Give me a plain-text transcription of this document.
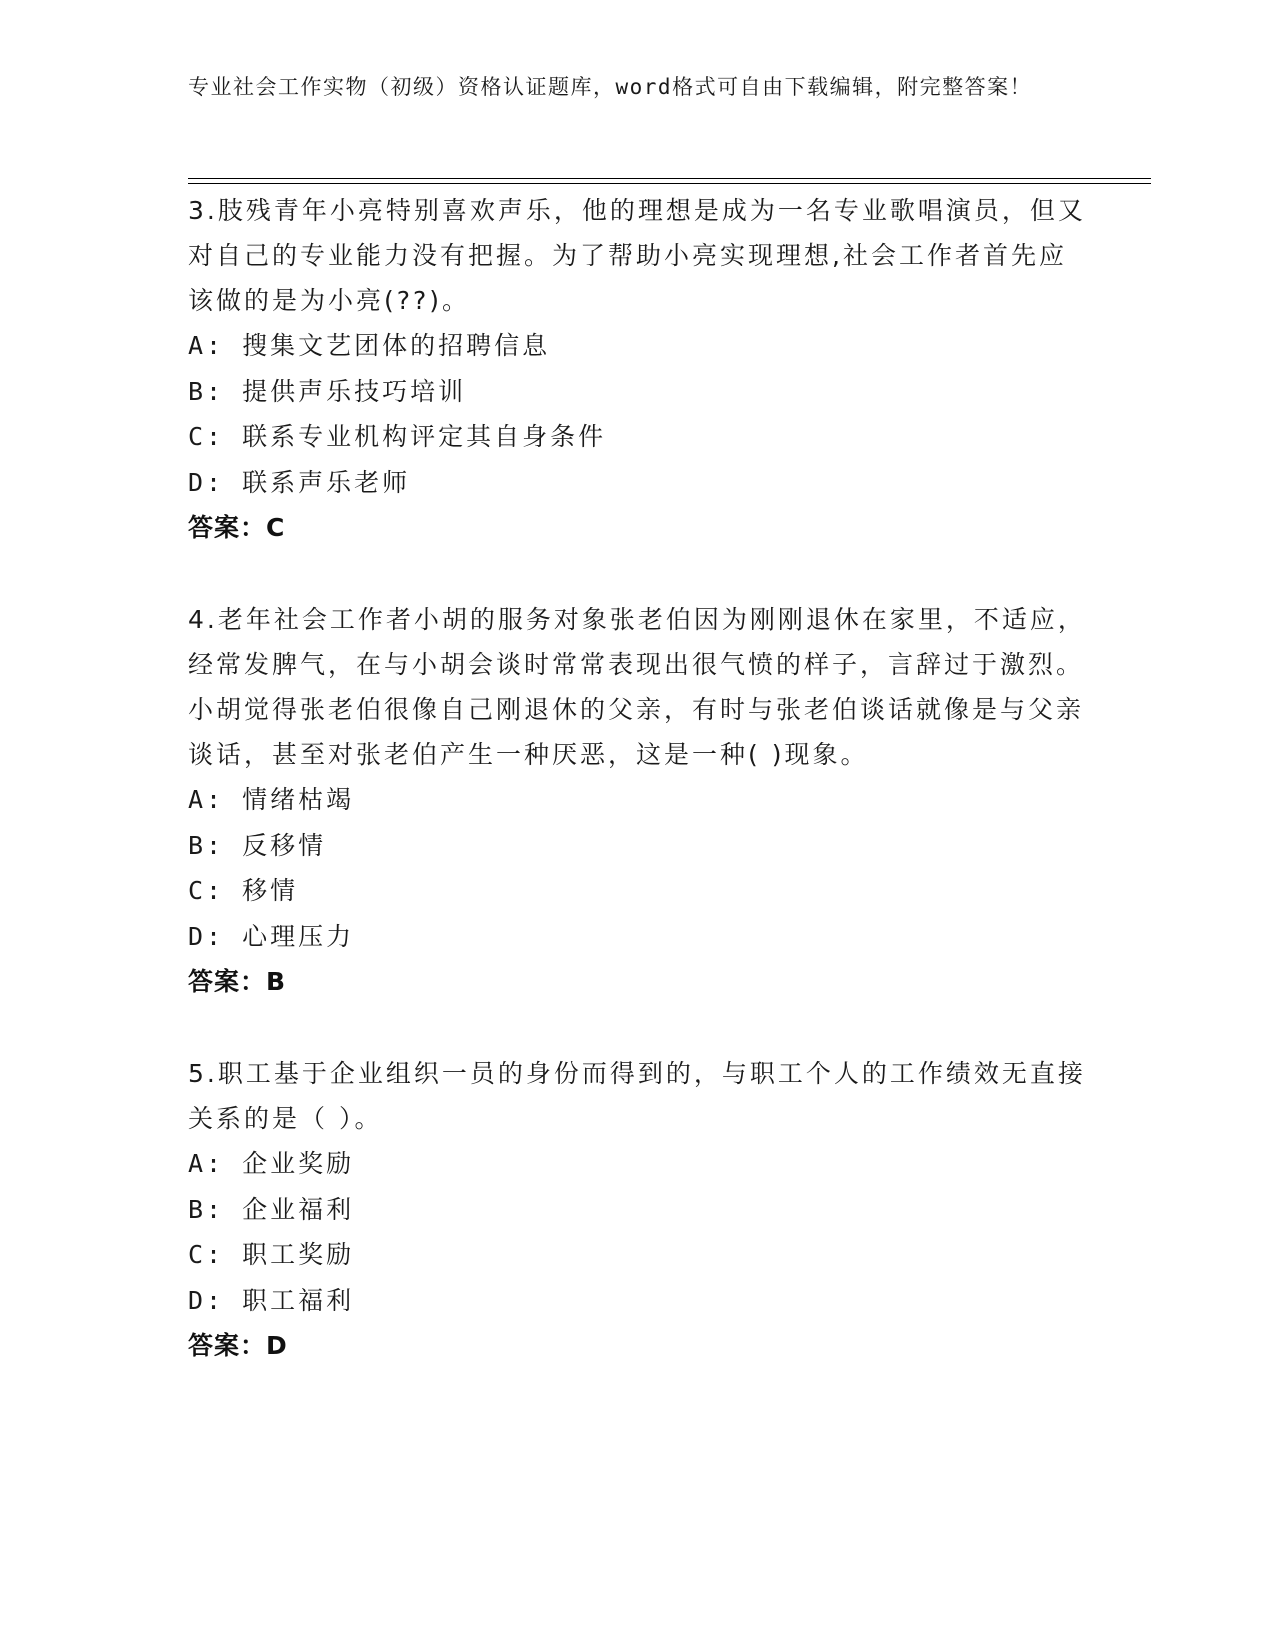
专业社会工作实物（初级）资格认证题库，word格式可自由下载编辑，附完整答案！
3.肢残青年小亮特别喜欢声乐，他的理想是成为一名专业歌唱演员，但又对自己的专业能力没有把握。为了帮助小亮实现理想,社会工作者首先应该做的是为小亮(??)。
A: 搜集文艺团体的招聘信息
B: 提供声乐技巧培训
C: 联系专业机构评定其自身条件
D: 联系声乐老师
答案：C
4.老年社会工作者小胡的服务对象张老伯因为刚刚退休在家里，不适应，经常发脾气，在与小胡会谈时常常表现出很气愤的样子，言辞过于激烈。小胡觉得张老伯很像自己刚退休的父亲，有时与张老伯谈话就像是与父亲谈话，甚至对张老伯产生一种厌恶，这是一种( )现象。
A: 情绪枯竭
B: 反移情
C: 移情
D: 心理压力
答案：B
5.职工基于企业组织一员的身份而得到的，与职工个人的工作绩效无直接关系的是（ ）。
A: 企业奖励
B: 企业福利
C: 职工奖励
D: 职工福利
答案：D
